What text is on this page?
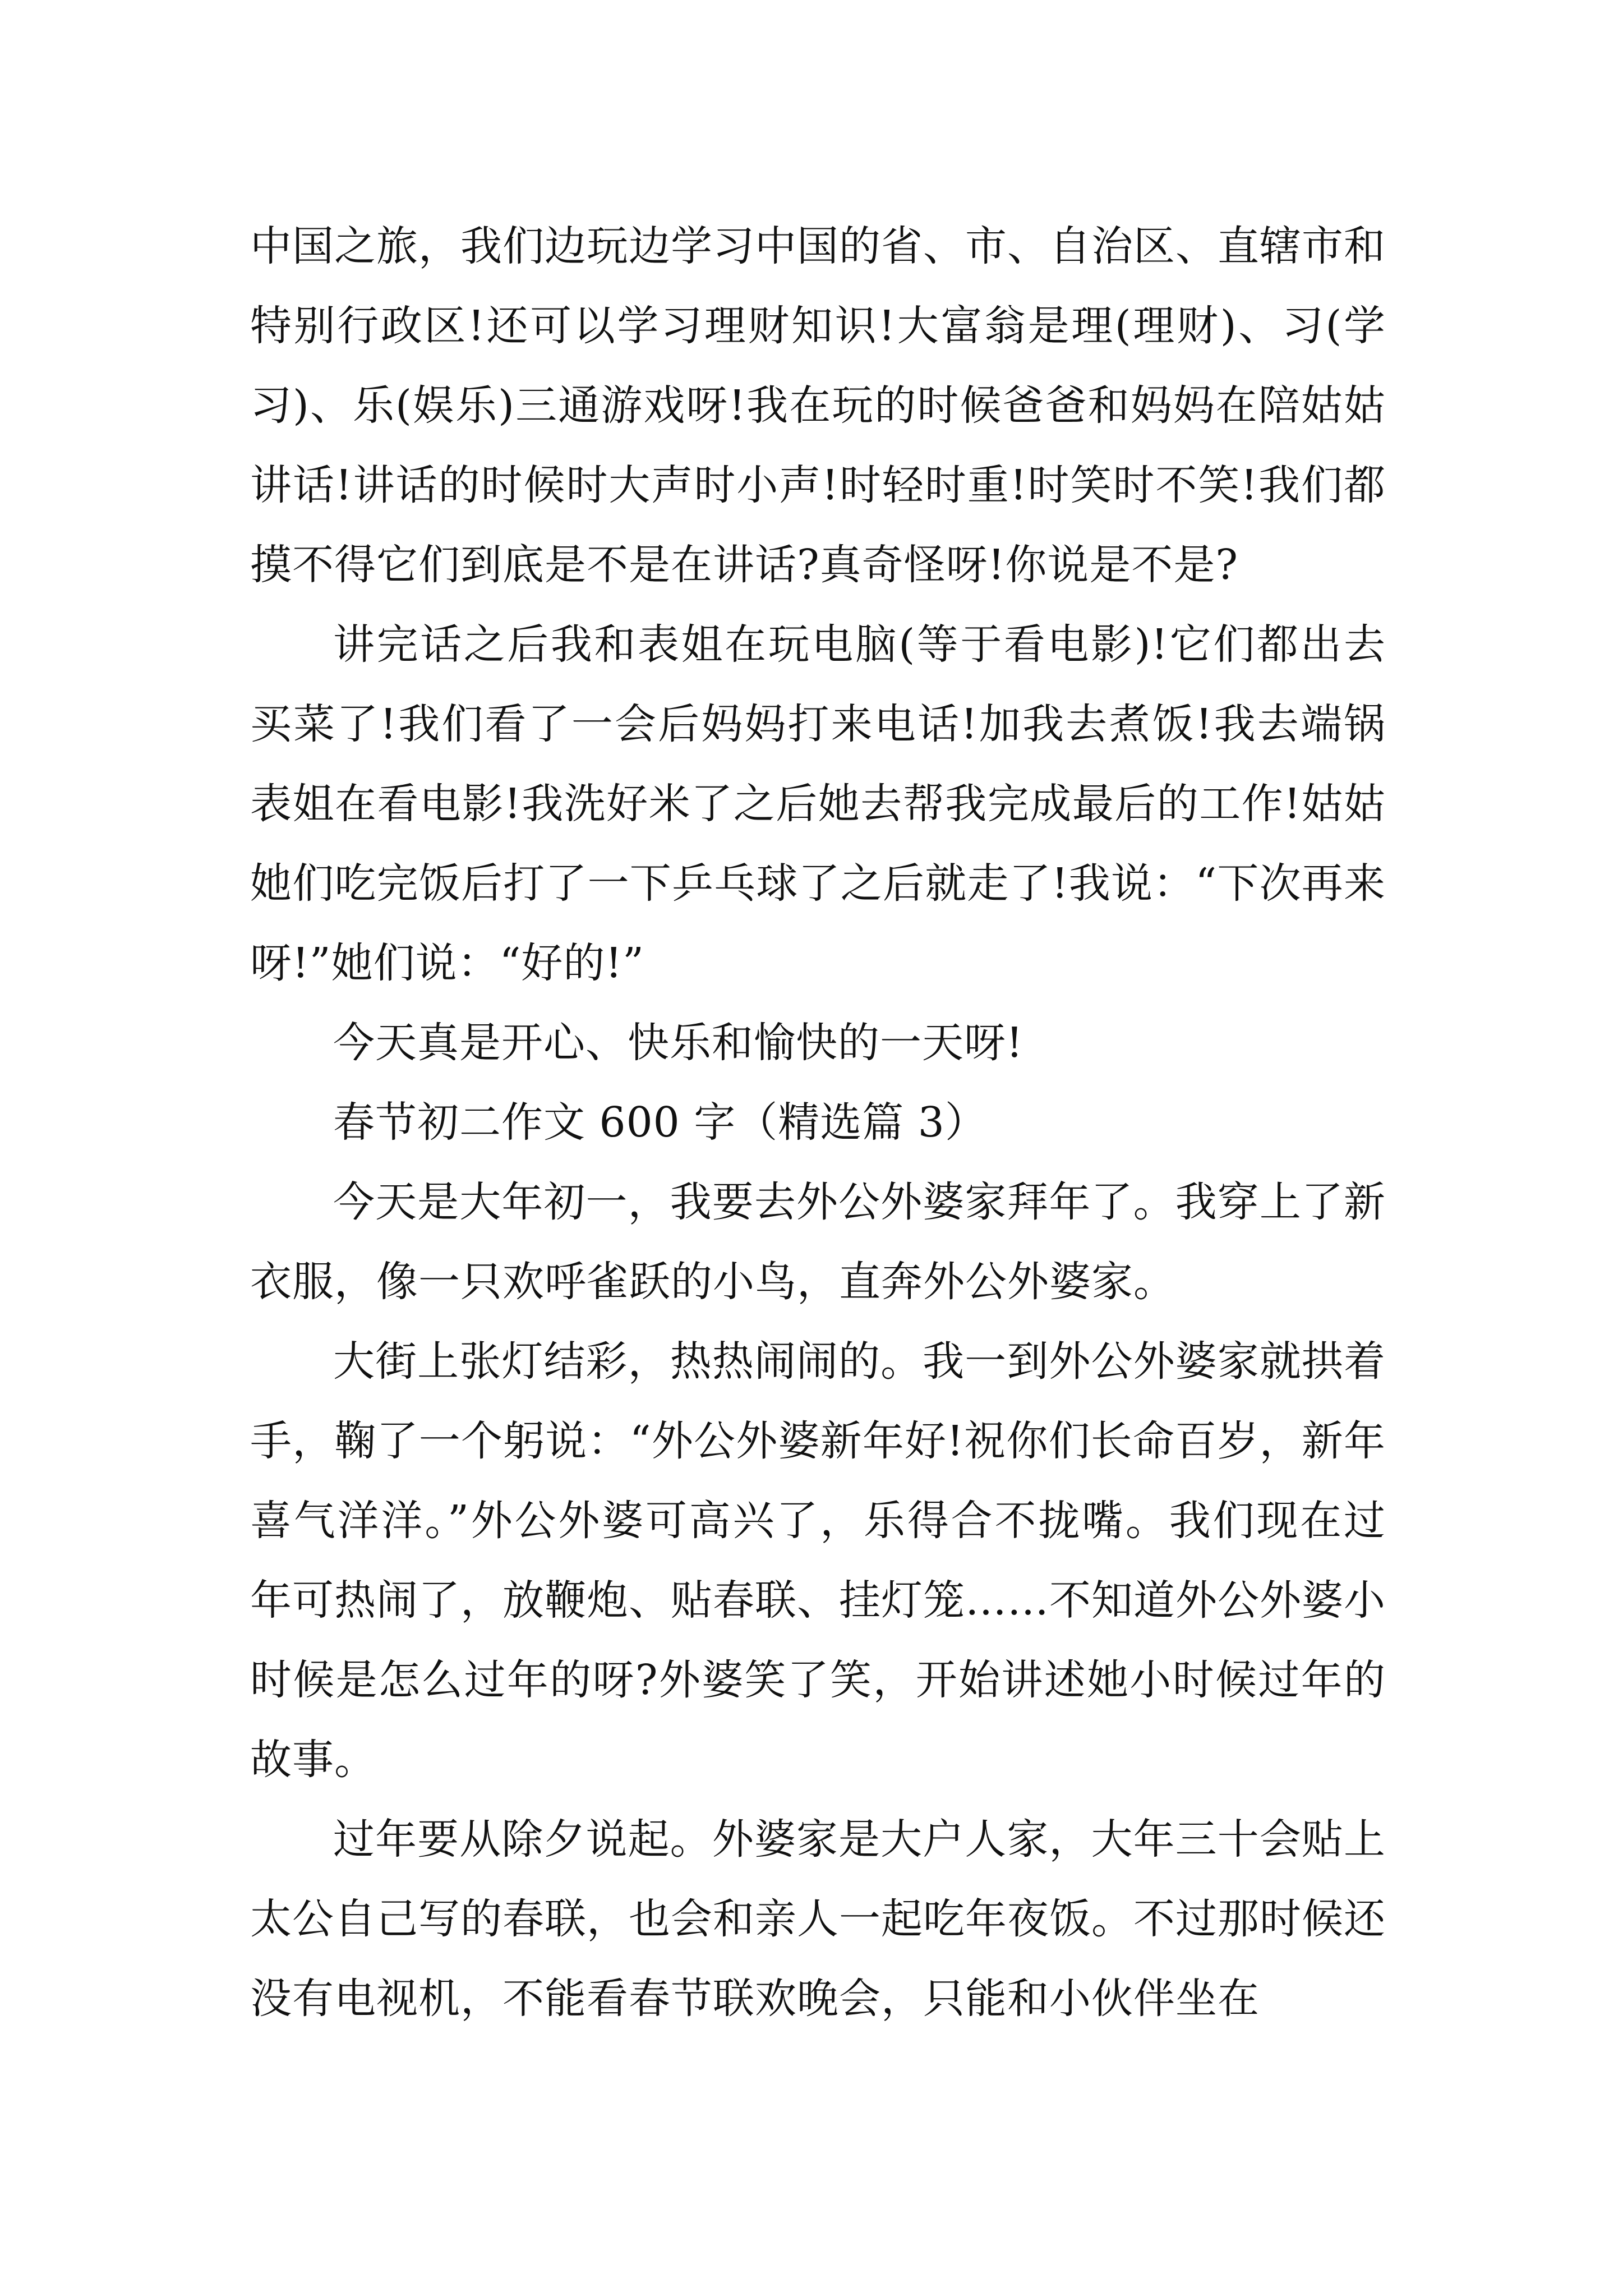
中国之旅，我们边玩边学习中国的省、市、自治区、直辖市和特别行政区!还可以学习理财知识!大富翁是理(理财)、习(学习)、乐(娱乐)三通游戏呀!我在玩的时候爸爸和妈妈在陪姑姑讲话!讲话的时候时大声时小声!时轻时重!时笑时不笑!我们都摸不得它们到底是不是在讲话?真奇怪呀!你说是不是?

讲完话之后我和表姐在玩电脑(等于看电影)!它们都出去买菜了!我们看了一会后妈妈打来电话!加我去煮饭!我去端锅表姐在看电影!我洗好米了之后她去帮我完成最后的工作!姑姑她们吃完饭后打了一下乒乓球了之后就走了!我说：“下次再来呀!”她们说：“好的!”

今天真是开心、快乐和愉快的一天呀!

春节初二作文 600 字（精选篇 3）

今天是大年初一，我要去外公外婆家拜年了。我穿上了新衣服，像一只欢呼雀跃的小鸟，直奔外公外婆家。

大街上张灯结彩，热热闹闹的。我一到外公外婆家就拱着手，鞠了一个躬说：“外公外婆新年好!祝你们长命百岁，新年喜气洋洋。”外公外婆可高兴了，乐得合不拢嘴。我们现在过年可热闹了，放鞭炮、贴春联、挂灯笼……不知道外公外婆小时候是怎么过年的呀?外婆笑了笑，开始讲述她小时候过年的故事。

过年要从除夕说起。外婆家是大户人家，大年三十会贴上太公自己写的春联，也会和亲人一起吃年夜饭。不过那时候还没有电视机，不能看春节联欢晚会，只能和小伙伴坐在
